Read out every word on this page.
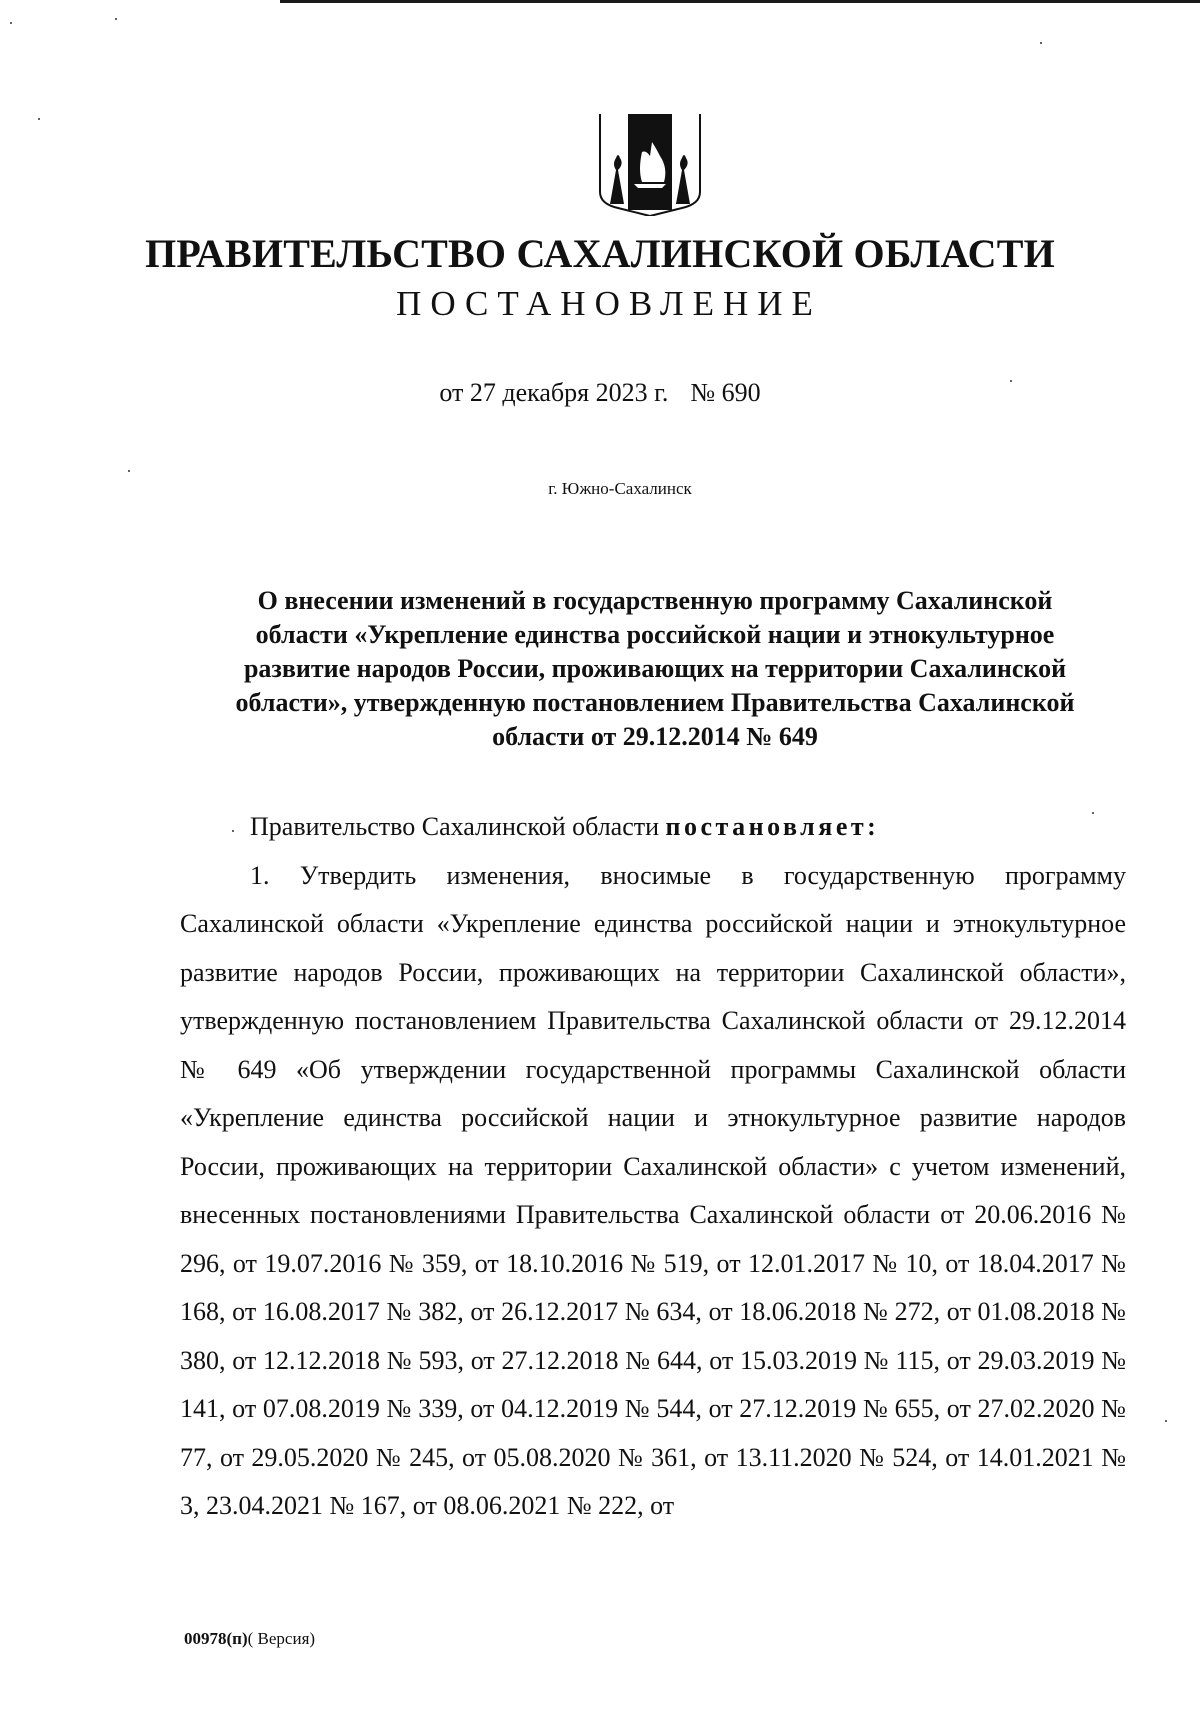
ПРАВИТЕЛЬСТВО САХАЛИНСКОЙ ОБЛАСТИ
ПОСТАНОВЛЕНИЕ
от 27 декабря 2023 г. № 690
г. Южно-Сахалинск
О внесении изменений в государственную программу Сахалинской
области «Укрепление единства российской нации и этнокультурное
развитие народов России, проживающих на территории Сахалинской
области», утвержденную постановлением Правительства Сахалинской
области от 29.12.2014 № 649

Правительство Сахалинской области постановляет:

1. Утвердить изменения, вносимые в государственную программу Сахалинской области «Укрепление единства российской нации и этнокультурное развитие народов России, проживающих на территории Сахалинской области», утвержденную постановлением Правительства Сахалинской области от 29.12.2014 № 649 «Об утверждении государственной программы Сахалинской области «Укрепление единства российской нации и этнокультурное развитие народов России, проживающих на территории Сахалинской области» с учетом изменений, внесенных постановлениями Правительства Сахалинской области от 20.06.2016 № 296, от 19.07.2016 № 359, от 18.10.2016 № 519, от 12.01.2017 № 10, от 18.04.2017 № 168, от 16.08.2017 № 382, от 26.12.2017 № 634, от 18.06.2018 № 272, от 01.08.2018 № 380, от 12.12.2018 № 593, от 27.12.2018 № 644, от 15.03.2019 № 115, от 29.03.2019 № 141, от 07.08.2019 № 339, от 04.12.2019 № 544, от 27.12.2019 № 655, от 27.02.2020 № 77, от 29.05.2020 № 245, от 05.08.2020 № 361, от 13.11.2020 № 524, от 14.01.2021 № 3, 23.04.2021 № 167, от 08.06.2021 № 222, от

00978(п)( Версия)
